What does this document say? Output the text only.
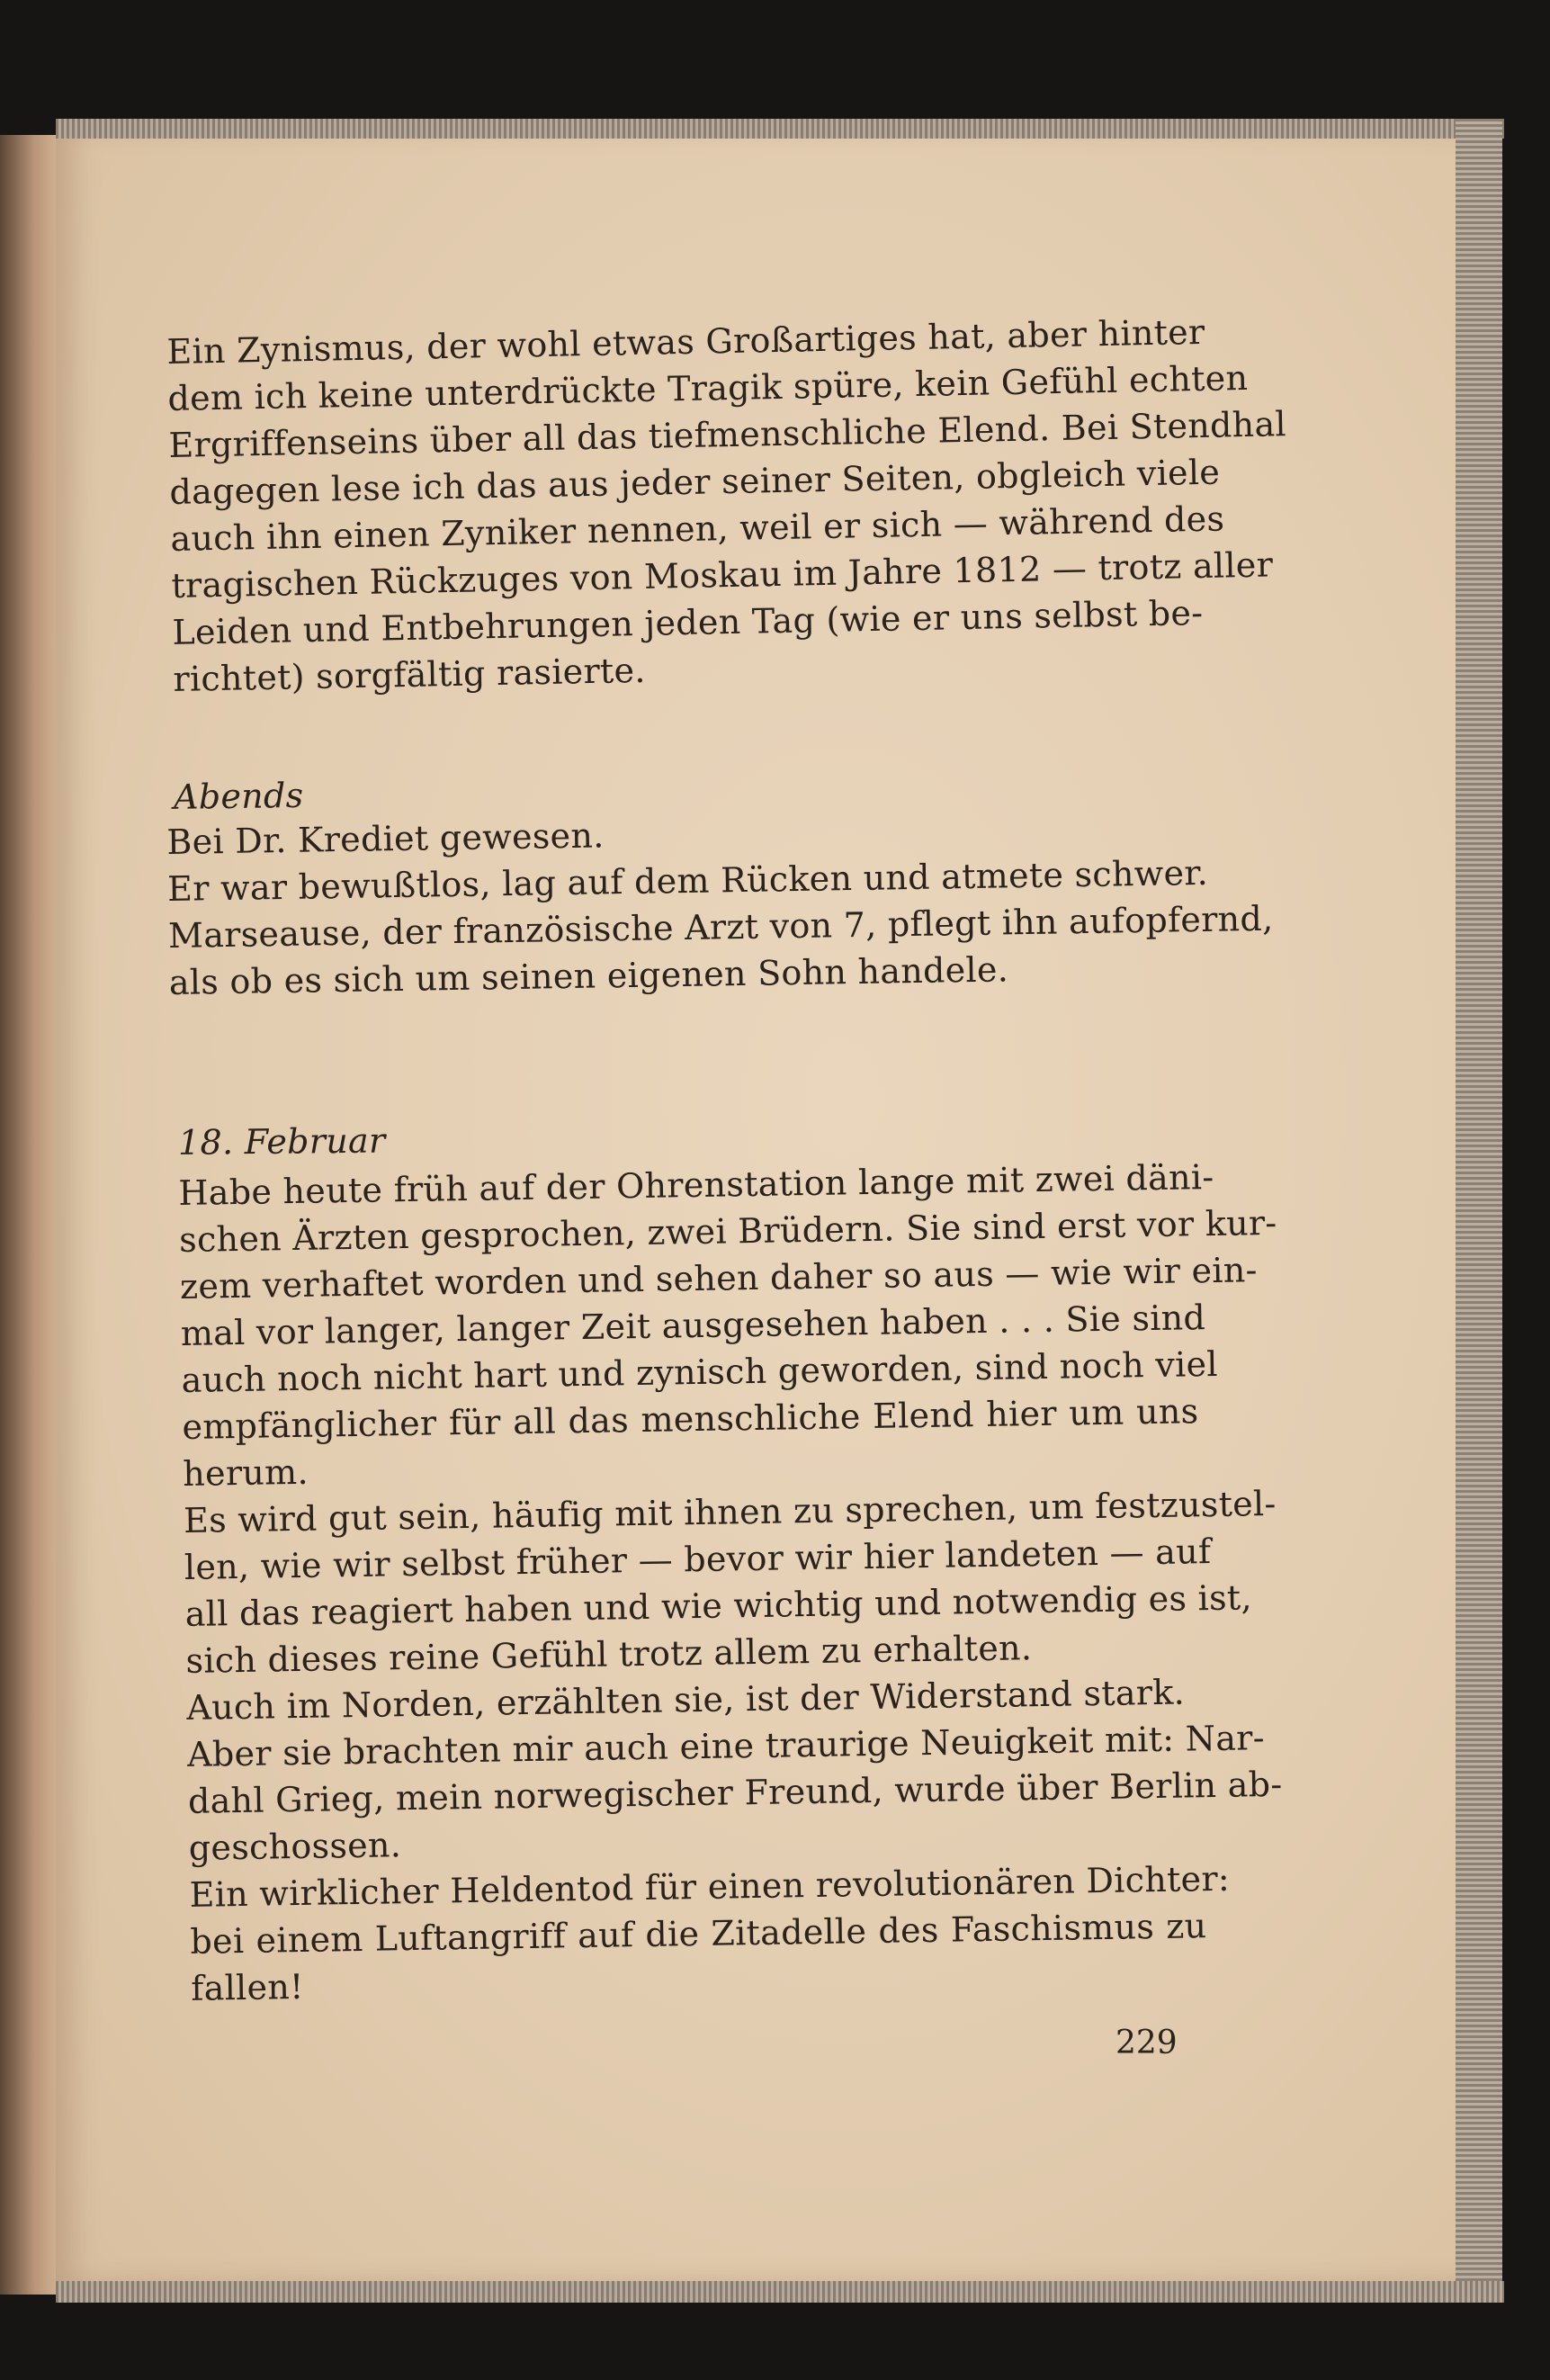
Ein Zynismus, der wohl etwas Großartiges hat, aber hinter
dem ich keine unterdrückte Tragik spüre, kein Gefühl echten
Ergriffenseins über all das tiefmenschliche Elend. Bei Stendhal
dagegen lese ich das aus jeder seiner Seiten, obgleich viele
auch ihn einen Zyniker nennen, weil er sich — während des
tragischen Rückzuges von Moskau im Jahre 1812 — trotz aller
Leiden und Entbehrungen jeden Tag (wie er uns selbst be-
richtet) sorgfältig rasierte.
Abends
Bei Dr. Krediet gewesen.
Er war bewußtlos, lag auf dem Rücken und atmete schwer.
Marseause, der französische Arzt von 7, pflegt ihn aufopfernd,
als ob es sich um seinen eigenen Sohn handele.
18. Februar
Habe heute früh auf der Ohrenstation lange mit zwei däni-
schen Ärzten gesprochen, zwei Brüdern. Sie sind erst vor kur-
zem verhaftet worden und sehen daher so aus — wie wir ein-
mal vor langer, langer Zeit ausgesehen haben . . . Sie sind
auch noch nicht hart und zynisch geworden, sind noch viel
empfänglicher für all das menschliche Elend hier um uns
herum.
Es wird gut sein, häufig mit ihnen zu sprechen, um festzustel-
len, wie wir selbst früher — bevor wir hier landeten — auf
all das reagiert haben und wie wichtig und notwendig es ist,
sich dieses reine Gefühl trotz allem zu erhalten.
Auch im Norden, erzählten sie, ist der Widerstand stark.
Aber sie brachten mir auch eine traurige Neuigkeit mit: Nar-
dahl Grieg, mein norwegischer Freund, wurde über Berlin ab-
geschossen.
Ein wirklicher Heldentod für einen revolutionären Dichter:
bei einem Luftangriff auf die Zitadelle des Faschismus zu
fallen!
229
